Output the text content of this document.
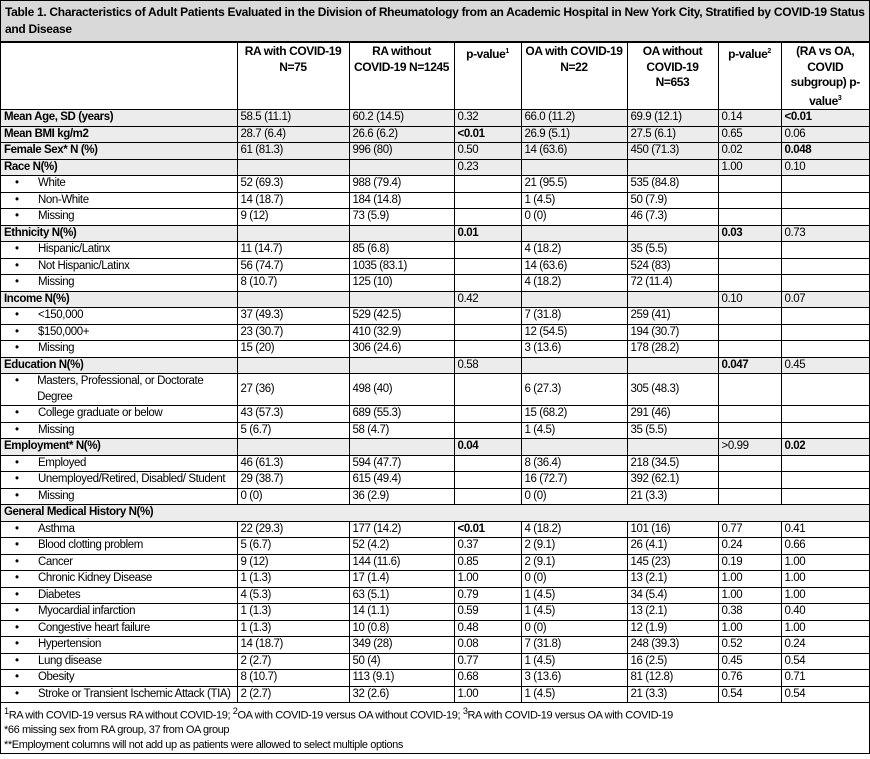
Table 1. Characteristics of Adult Patients Evaluated in the Division of Rheumatology from an Academic Hospital in New York City, Stratified by COVID-19 Status and Disease
	RA with COVID-19 N=75	RA without COVID-19 N=1245	p-value$^1$	OA with COVID-19 N=22	OA without COVID-19 N=653	p-value$^2$	(RA vs OA, COVID subgroup) p-value$^3$
Mean Age, SD (years)	58.5 (11.1)	60.2 (14.5)	0.32	66.0 (11.2)	69.9 (12.1)	0.14	<0.01
Mean BMI kg/m2	28.7 (6.4)	26.6 (6.2)	<0.01	26.9 (5.1)	27.5 (6.1)	0.65	0.06
Female Sex* N (%)	61 (81.3)	996 (80)	0.50	14 (63.6)	450 (71.3)	0.02	0.048
Race N(%)			0.23			1.00	0.10

• White	52 (69.3)	988 (79.4)		21 (95.5)	535 (84.8)		

• Non-White	14 (18.7)	184 (14.8)		1 (4.5)	50 (7.9)		

• Missing	9 (12)	73 (5.9)		0 (0)	46 (7.3)		
Ethnicity N(%)			0.01			0.03	0.73

• Hispanic/Latinx	11 (14.7)	85 (6.8)		4 (18.2)	35 (5.5)		

• Not Hispanic/Latinx	56 (74.7)	1035 (83.1)		14 (63.6)	524 (83)		

• Missing	8 (10.7)	125 (10)		4 (18.2)	72 (11.4)		
Income N(%)			0.42			0.10	0.07

• <150,000	37 (49.3)	529 (42.5)		7 (31.8)	259 (41)		

• $150,000+	23 (30.7)	410 (32.9)		12 (54.5)	194 (30.7)		

• Missing	15 (20)	306 (24.6)		3 (13.6)	178 (28.2)		
Education N(%)			0.58			0.047	0.45

• Masters, Professional, or Doctorate Degree	27 (36)	498 (40)		6 (27.3)	305 (48.3)		

• College graduate or below	43 (57.3)	689 (55.3)		15 (68.2)	291 (46)		

• Missing	5 (6.7)	58 (4.7)		1 (4.5)	35 (5.5)		
Employment* N(%)			0.04			>0.99	0.02

• Employed	46 (61.3)	594 (47.7)		8 (36.4)	218 (34.5)		

• Unemployed/Retired, Disabled/ Student	29 (38.7)	615 (49.4)		16 (72.7)	392 (62.1)		

• Missing	0 (0)	36 (2.9)		0 (0)	21 (3.3)		
General Medical History N(%)							

• Asthma	22 (29.3)	177 (14.2)	<0.01	4 (18.2)	101 (16)	0.77	0.41

• Blood clotting problem	5 (6.7)	52 (4.2)	0.37	2 (9.1)	26 (4.1)	0.24	0.66

• Cancer	9 (12)	144 (11.6)	0.85	2 (9.1)	145 (23)	0.19	1.00

• Chronic Kidney Disease	1 (1.3)	17 (1.4)	1.00	0 (0)	13 (2.1)	1.00	1.00

• Diabetes	4 (5.3)	63 (5.1)	0.79	1 (4.5)	34 (5.4)	1.00	1.00

• Myocardial infarction	1 (1.3)	14 (1.1)	0.59	1 (4.5)	13 (2.1)	0.38	0.40

• Congestive heart failure	1 (1.3)	10 (0.8)	0.48	0 (0)	12 (1.9)	1.00	1.00

• Hypertension	14 (18.7)	349 (28)	0.08	7 (31.8)	248 (39.3)	0.52	0.24

• Lung disease	2 (2.7)	50 (4)	0.77	1 (4.5)	16 (2.5)	0.45	0.54

• Obesity	8 (10.7)	113 (9.1)	0.68	3 (13.6)	81 (12.8)	0.76	0.71

• Stroke or Transient Ischemic Attack (TIA)	2 (2.7)	32 (2.6)	1.00	1 (4.5)	21 (3.3)	0.54	0.54
$^1$RA with COVID-19 versus RA without COVID-19; $^2$OA with COVID-19 versus OA without COVID-19; $^3$RA with COVID-19 versus OA with COVID-19
*66 missing sex from RA group, 37 from OA group
**Employment columns will not add up as patients were allowed to select multiple options
